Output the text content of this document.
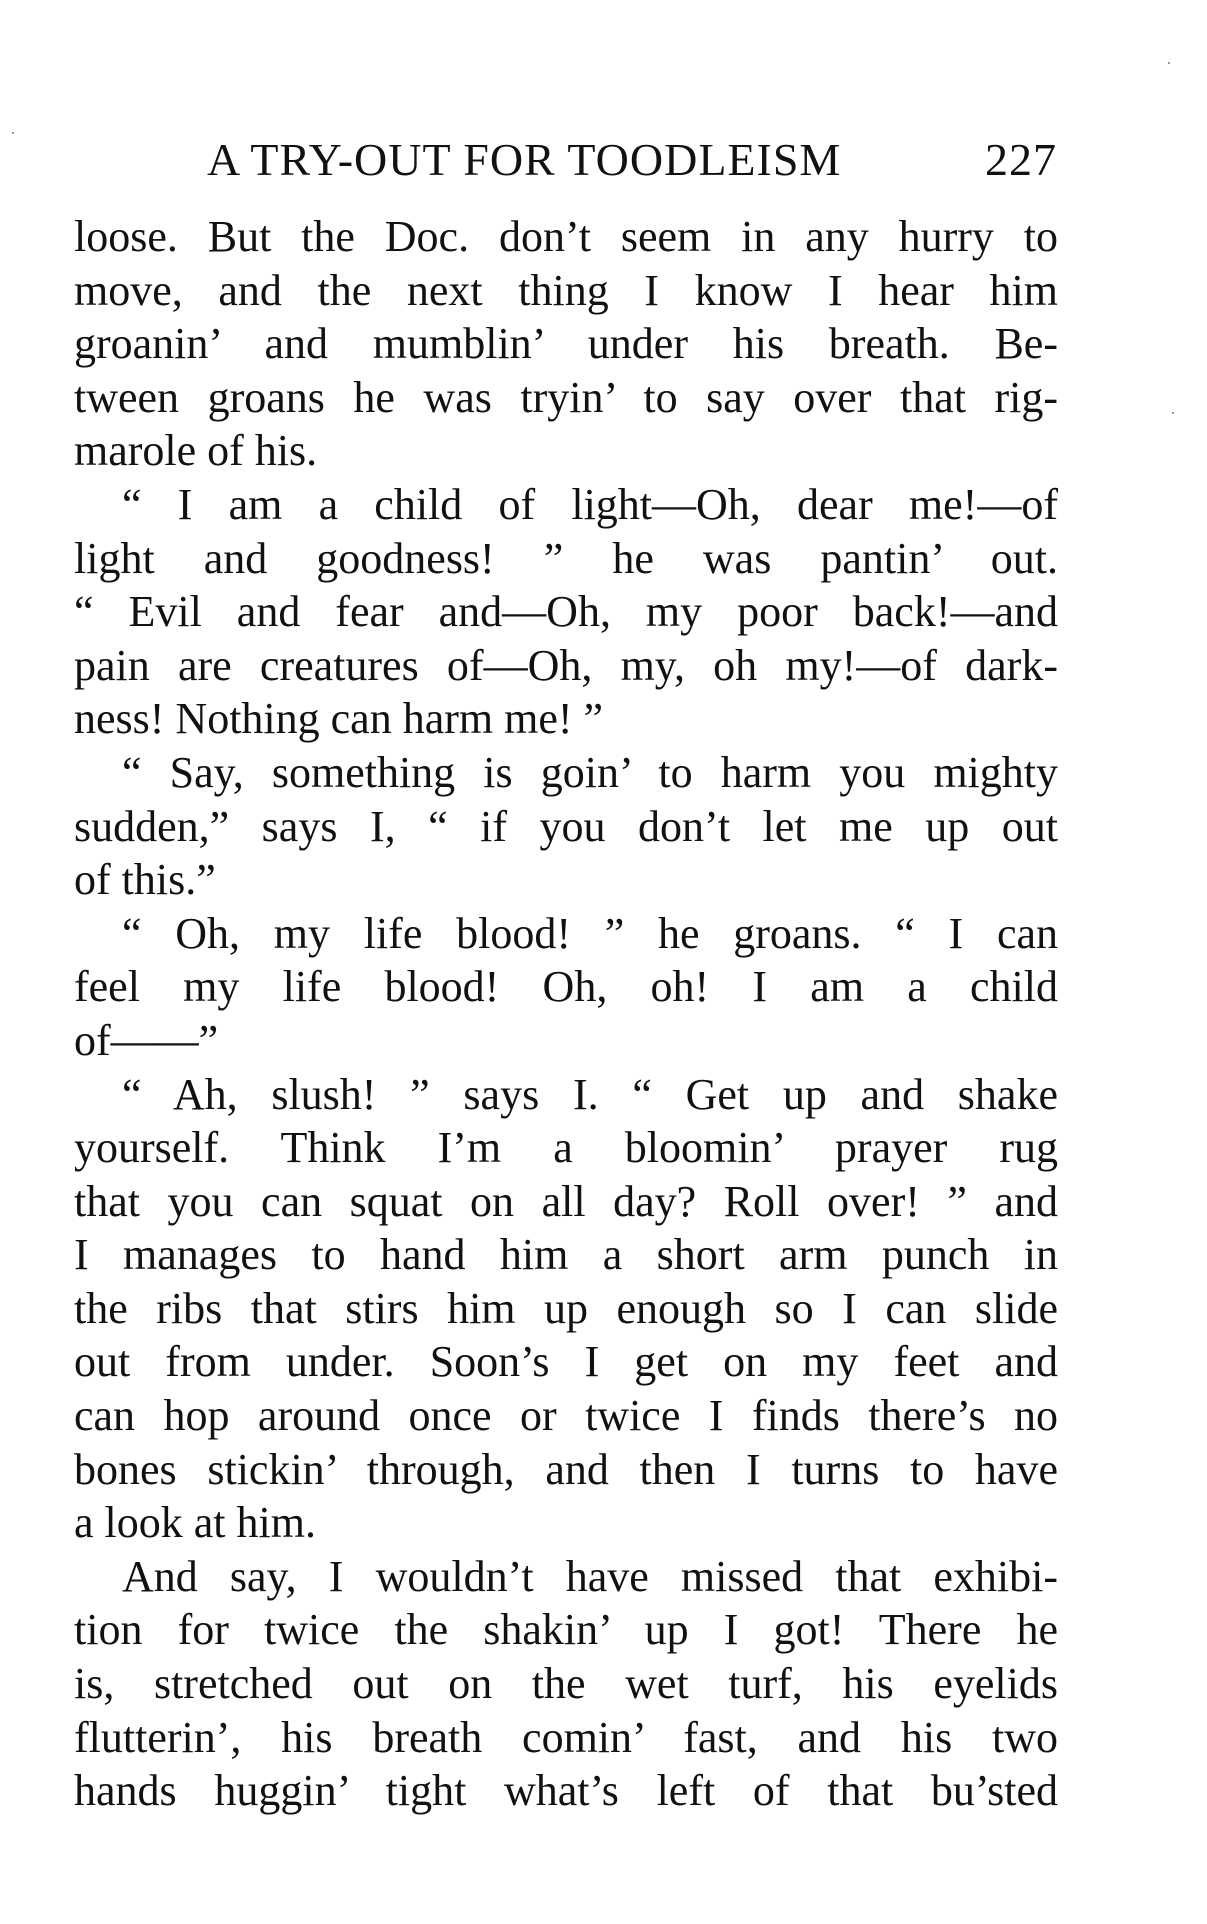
A TRY-OUT FOR TOODLEISM	227
loose. But the Doc. don’t seem in any hurry to
move, and the next thing I know I hear him
groanin’ and mumblin’ under his breath. Be-
tween groans he was tryin’ to say over that rig-
marole of his.
“ I am a child of light—Oh, dear me!—of
light and goodness! ” he was pantin’ out.
“ Evil and fear and—Oh, my poor back!—and
pain are creatures of—Oh, my, oh my!—of dark-
ness! Nothing can harm me! ”
“ Say, something is goin’ to harm you mighty
sudden,” says I, “ if you don’t let me up out
of this.”
“ Oh, my life blood! ” he groans. “ I can
feel my life blood! Oh, oh! I am a child
of——”
“ Ah, slush! ” says I. “ Get up and shake
yourself. Think I’m a bloomin’ prayer rug
that you can squat on all day? Roll over! ” and
I manages to hand him a short arm punch in
the ribs that stirs him up enough so I can slide
out from under. Soon’s I get on my feet and
can hop around once or twice I finds there’s no
bones stickin’ through, and then I turns to have
a look at him.
And say, I wouldn’t have missed that exhibi-
tion for twice the shakin’ up I got! There he
is, stretched out on the wet turf, his eyelids
flutterin’, his breath comin’ fast, and his two
hands huggin’ tight what’s left of that bu’sted
